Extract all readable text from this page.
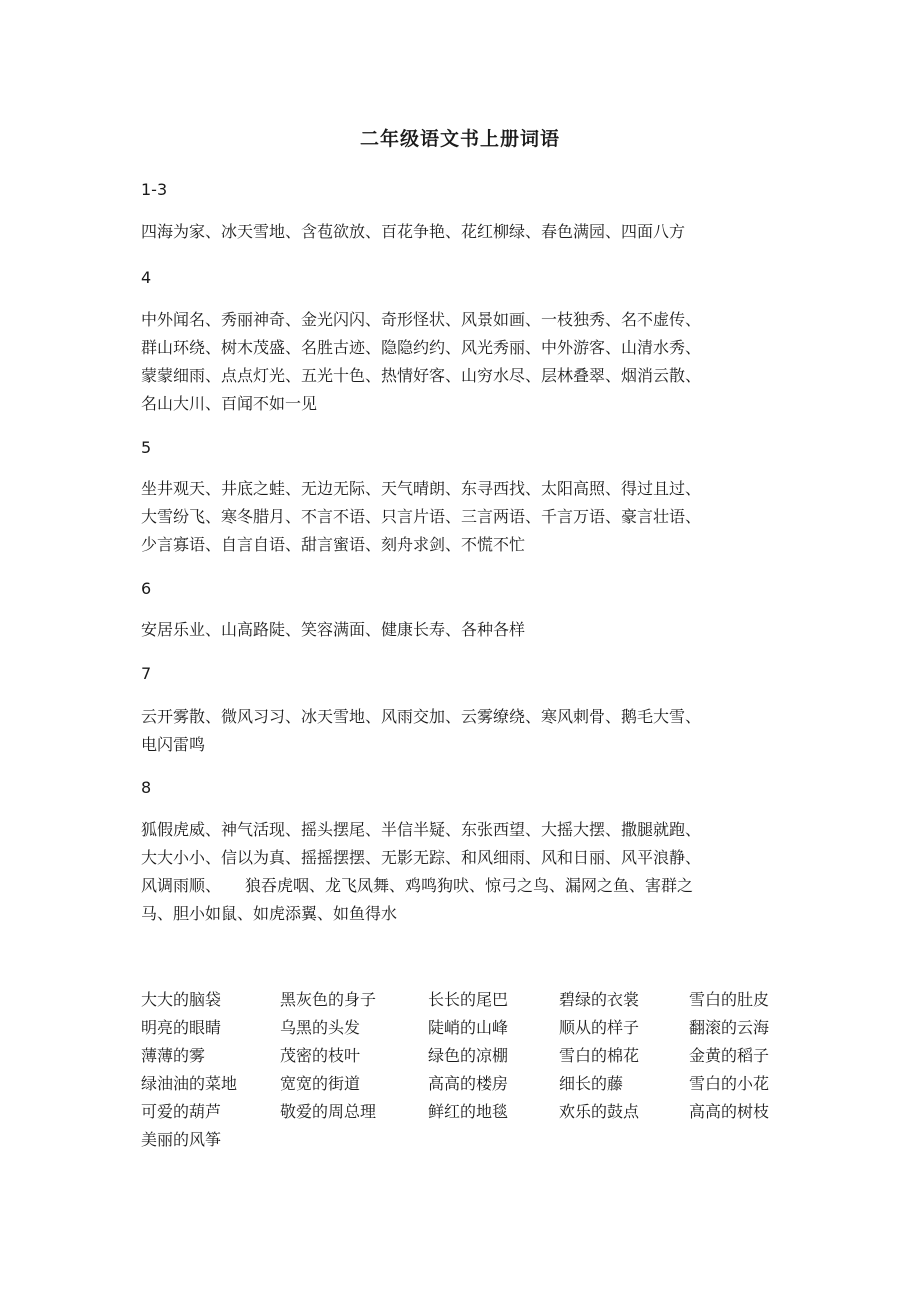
二年级语文书上册词语
1-3
四海为家、冰天雪地、含苞欲放、百花争艳、花红柳绿、春色满园、四面八方
4
中外闻名、秀丽神奇、金光闪闪、奇形怪状、风景如画、一枝独秀、名不虚传、
群山环绕、树木茂盛、名胜古迹、隐隐约约、风光秀丽、中外游客、山清水秀、
蒙蒙细雨、点点灯光、五光十色、热情好客、山穷水尽、层林叠翠、烟消云散、
名山大川、百闻不如一见
5
坐井观天、井底之蛙、无边无际、天气晴朗、东寻西找、太阳高照、得过且过、
大雪纷飞、寒冬腊月、不言不语、只言片语、三言两语、千言万语、豪言壮语、
少言寡语、自言自语、甜言蜜语、刻舟求剑、不慌不忙
6
安居乐业、山高路陡、笑容满面、健康长寿、各种各样
7
云开雾散、微风习习、冰天雪地、风雨交加、云雾缭绕、寒风刺骨、鹅毛大雪、
电闪雷鸣
8
狐假虎威、神气活现、摇头摆尾、半信半疑、东张西望、大摇大摆、撒腿就跑、
大大小小、信以为真、摇摇摆摆、无影无踪、和风细雨、风和日丽、风平浪静、
风调雨顺、　　狼吞虎咽、龙飞凤舞、鸡鸣狗吠、惊弓之鸟、漏网之鱼、害群之
马、胆小如鼠、如虎添翼、如鱼得水
大大的脑袋	黑灰色的身子	长长的尾巴	碧绿的衣裳	雪白的肚皮
明亮的眼睛	乌黑的头发	陡峭的山峰	顺从的样子	翻滚的云海
薄薄的雾	茂密的枝叶	绿色的凉棚	雪白的棉花	金黄的稻子
绿油油的菜地	宽宽的街道	高高的楼房	细长的藤	雪白的小花
可爱的葫芦	敬爱的周总理	鲜红的地毯	欢乐的鼓点	高高的树枝
美丽的风筝
